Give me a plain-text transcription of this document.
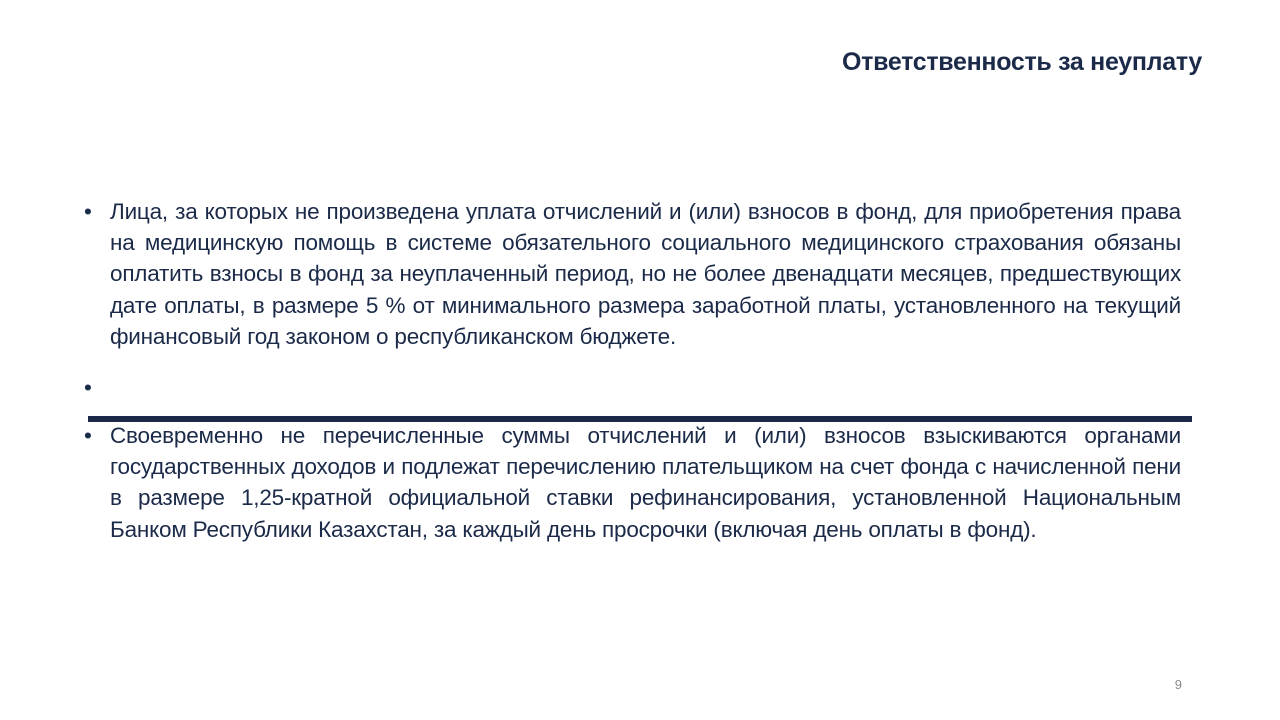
Ответственность за неуплату
• Лица, за которых не произведена уплата отчислений и (или) взносов в фонд, для приобретения права на медицинскую помощь в системе обязательного социального медицинского страхования обязаны оплатить взносы в фонд за неуплаченный период, но не более двенадцати месяцев, предшествующих дате оплаты, в размере 5 % от минимального размера заработной платы, установленного на текущий финансовый год законом о республиканском бюджете.
•
• Своевременно не перечисленные суммы отчислений и (или) взносов взыскиваются органами государственных доходов и подлежат перечислению плательщиком на счет фонда с начисленной пени в размере 1,25-кратной официальной ставки рефинансирования, установленной Национальным Банком Республики Казахстан, за каждый день просрочки (включая день оплаты в фонд).
9
